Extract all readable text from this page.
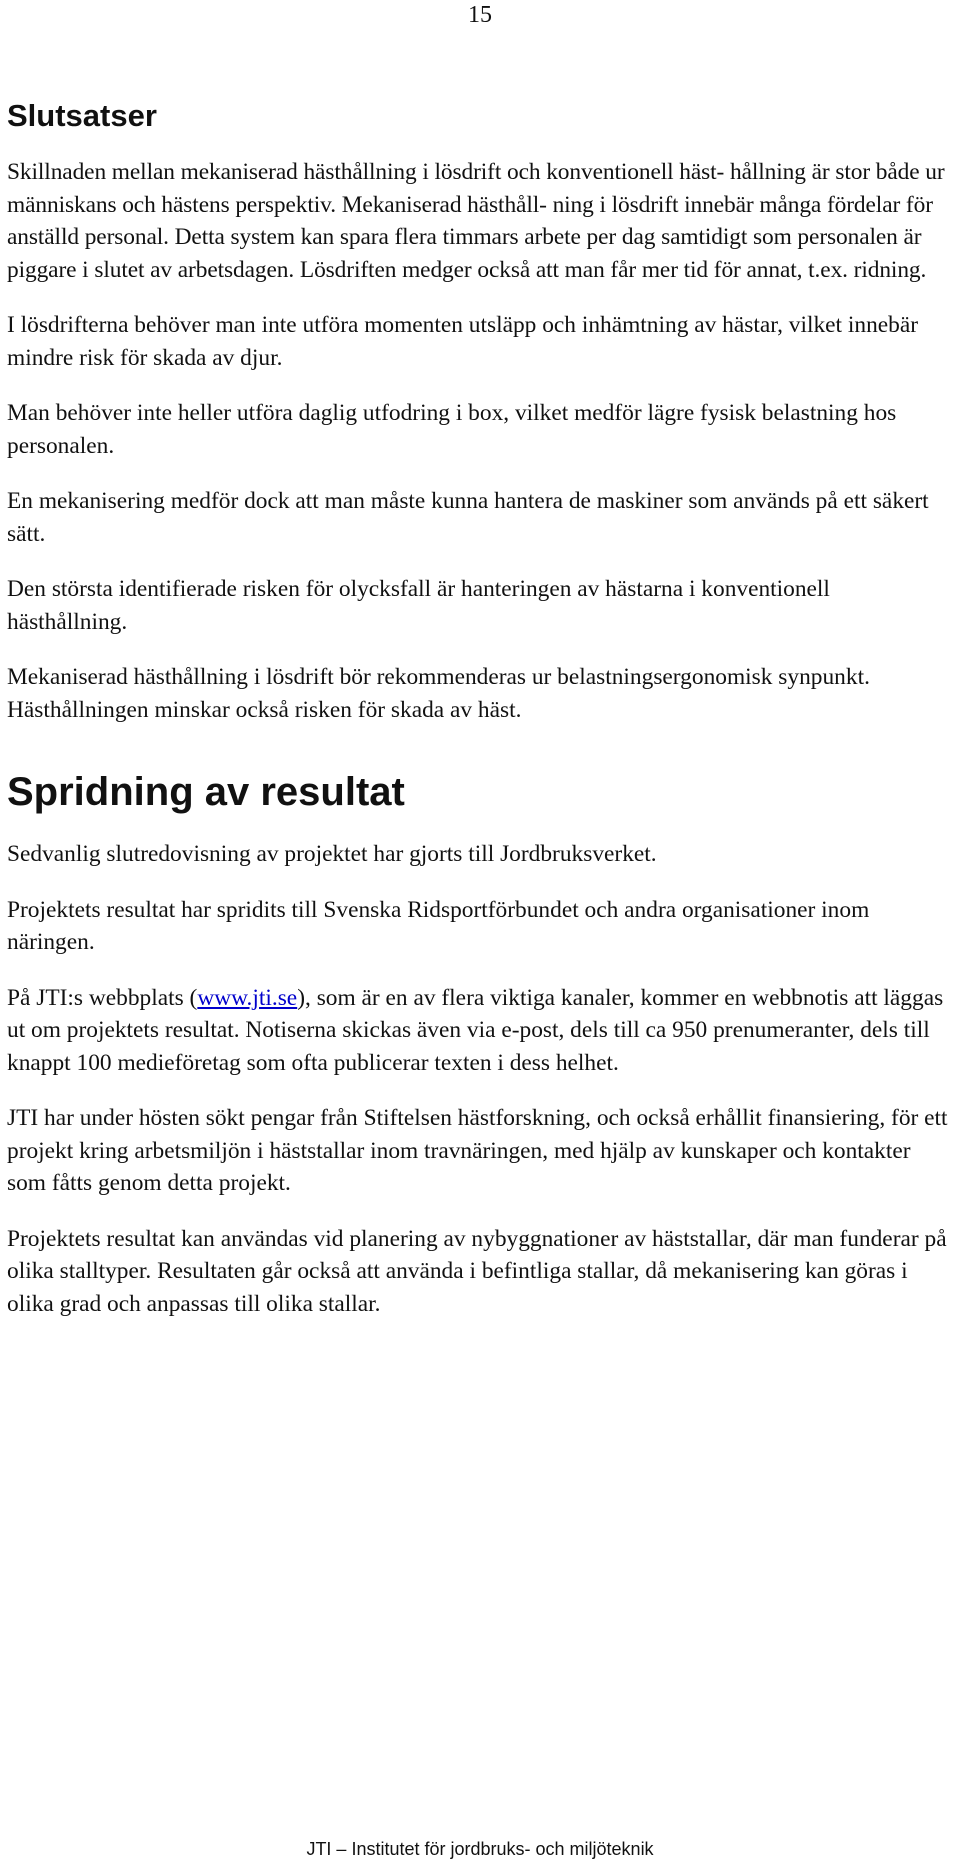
15
Slutsatser

Skillnaden mellan mekaniserad hästhållning i lösdrift och konventionell häst- hållning är stor både ur människans och hästens perspektiv. Mekaniserad hästhåll- ning i lösdrift innebär många fördelar för anställd personal. Detta system kan spara flera timmars arbete per dag samtidigt som personalen är piggare i slutet av arbetsdagen. Lösdriften medger också att man får mer tid för annat, t.ex. ridning.

I lösdrifterna behöver man inte utföra momenten utsläpp och inhämtning av hästar, vilket innebär mindre risk för skada av djur.

Man behöver inte heller utföra daglig utfodring i box, vilket medför lägre fysisk belastning hos personalen.

En mekanisering medför dock att man måste kunna hantera de maskiner som används på ett säkert sätt.

Den största identifierade risken för olycksfall är hanteringen av hästarna i konventionell hästhållning.

Mekaniserad hästhållning i lösdrift bör rekommenderas ur belastningsergonomisk synpunkt. Hästhållningen minskar också risken för skada av häst.

Spridning av resultat

Sedvanlig slutredovisning av projektet har gjorts till Jordbruksverket.

Projektets resultat har spridits till Svenska Ridsportförbundet och andra organisationer inom näringen.

På JTI:s webbplats (www.jti.se), som är en av flera viktiga kanaler, kommer en webbnotis att läggas ut om projektets resultat. Notiserna skickas även via e-post, dels till ca 950 prenumeranter, dels till knappt 100 medieföretag som ofta publicerar texten i dess helhet.

JTI har under hösten sökt pengar från Stiftelsen hästforskning, och också erhållit finansiering, för ett projekt kring arbetsmiljön i häststallar inom travnäringen, med hjälp av kunskaper och kontakter som fåtts genom detta projekt.

Projektets resultat kan användas vid planering av nybyggnationer av häststallar, där man funderar på olika stalltyper. Resultaten går också att använda i befintliga stallar, då mekanisering kan göras i olika grad och anpassas till olika stallar.

JTI – Institutet för jordbruks- och miljöteknik
